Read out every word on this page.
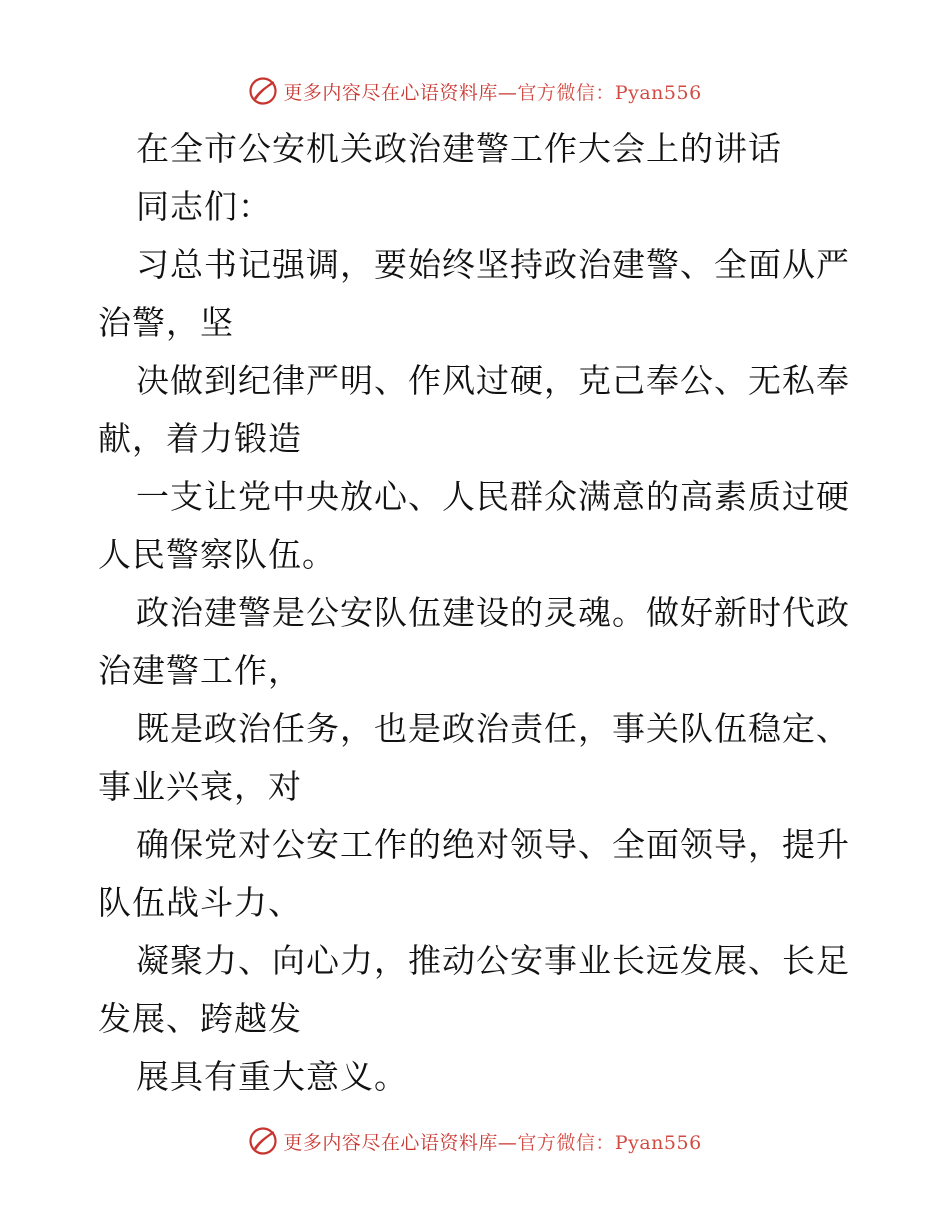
更多内容尽在心语资料库—官方微信：Pyan556
在全市公安机关政治建警工作大会上的讲话
同志们：
习总书记强调，要始终坚持政治建警、全面从严
治警，坚
决做到纪律严明、作风过硬，克己奉公、无私奉
献，着力锻造
一支让党中央放心、人民群众满意的高素质过硬
人民警察队伍。
政治建警是公安队伍建设的灵魂。做好新时代政
治建警工作，
既是政治任务，也是政治责任，事关队伍稳定、
事业兴衰，对
确保党对公安工作的绝对领导、全面领导，提升
队伍战斗力、
凝聚力、向心力，推动公安事业长远发展、长足
发展、跨越发
展具有重大意义。
更多内容尽在心语资料库—官方微信：Pyan556
